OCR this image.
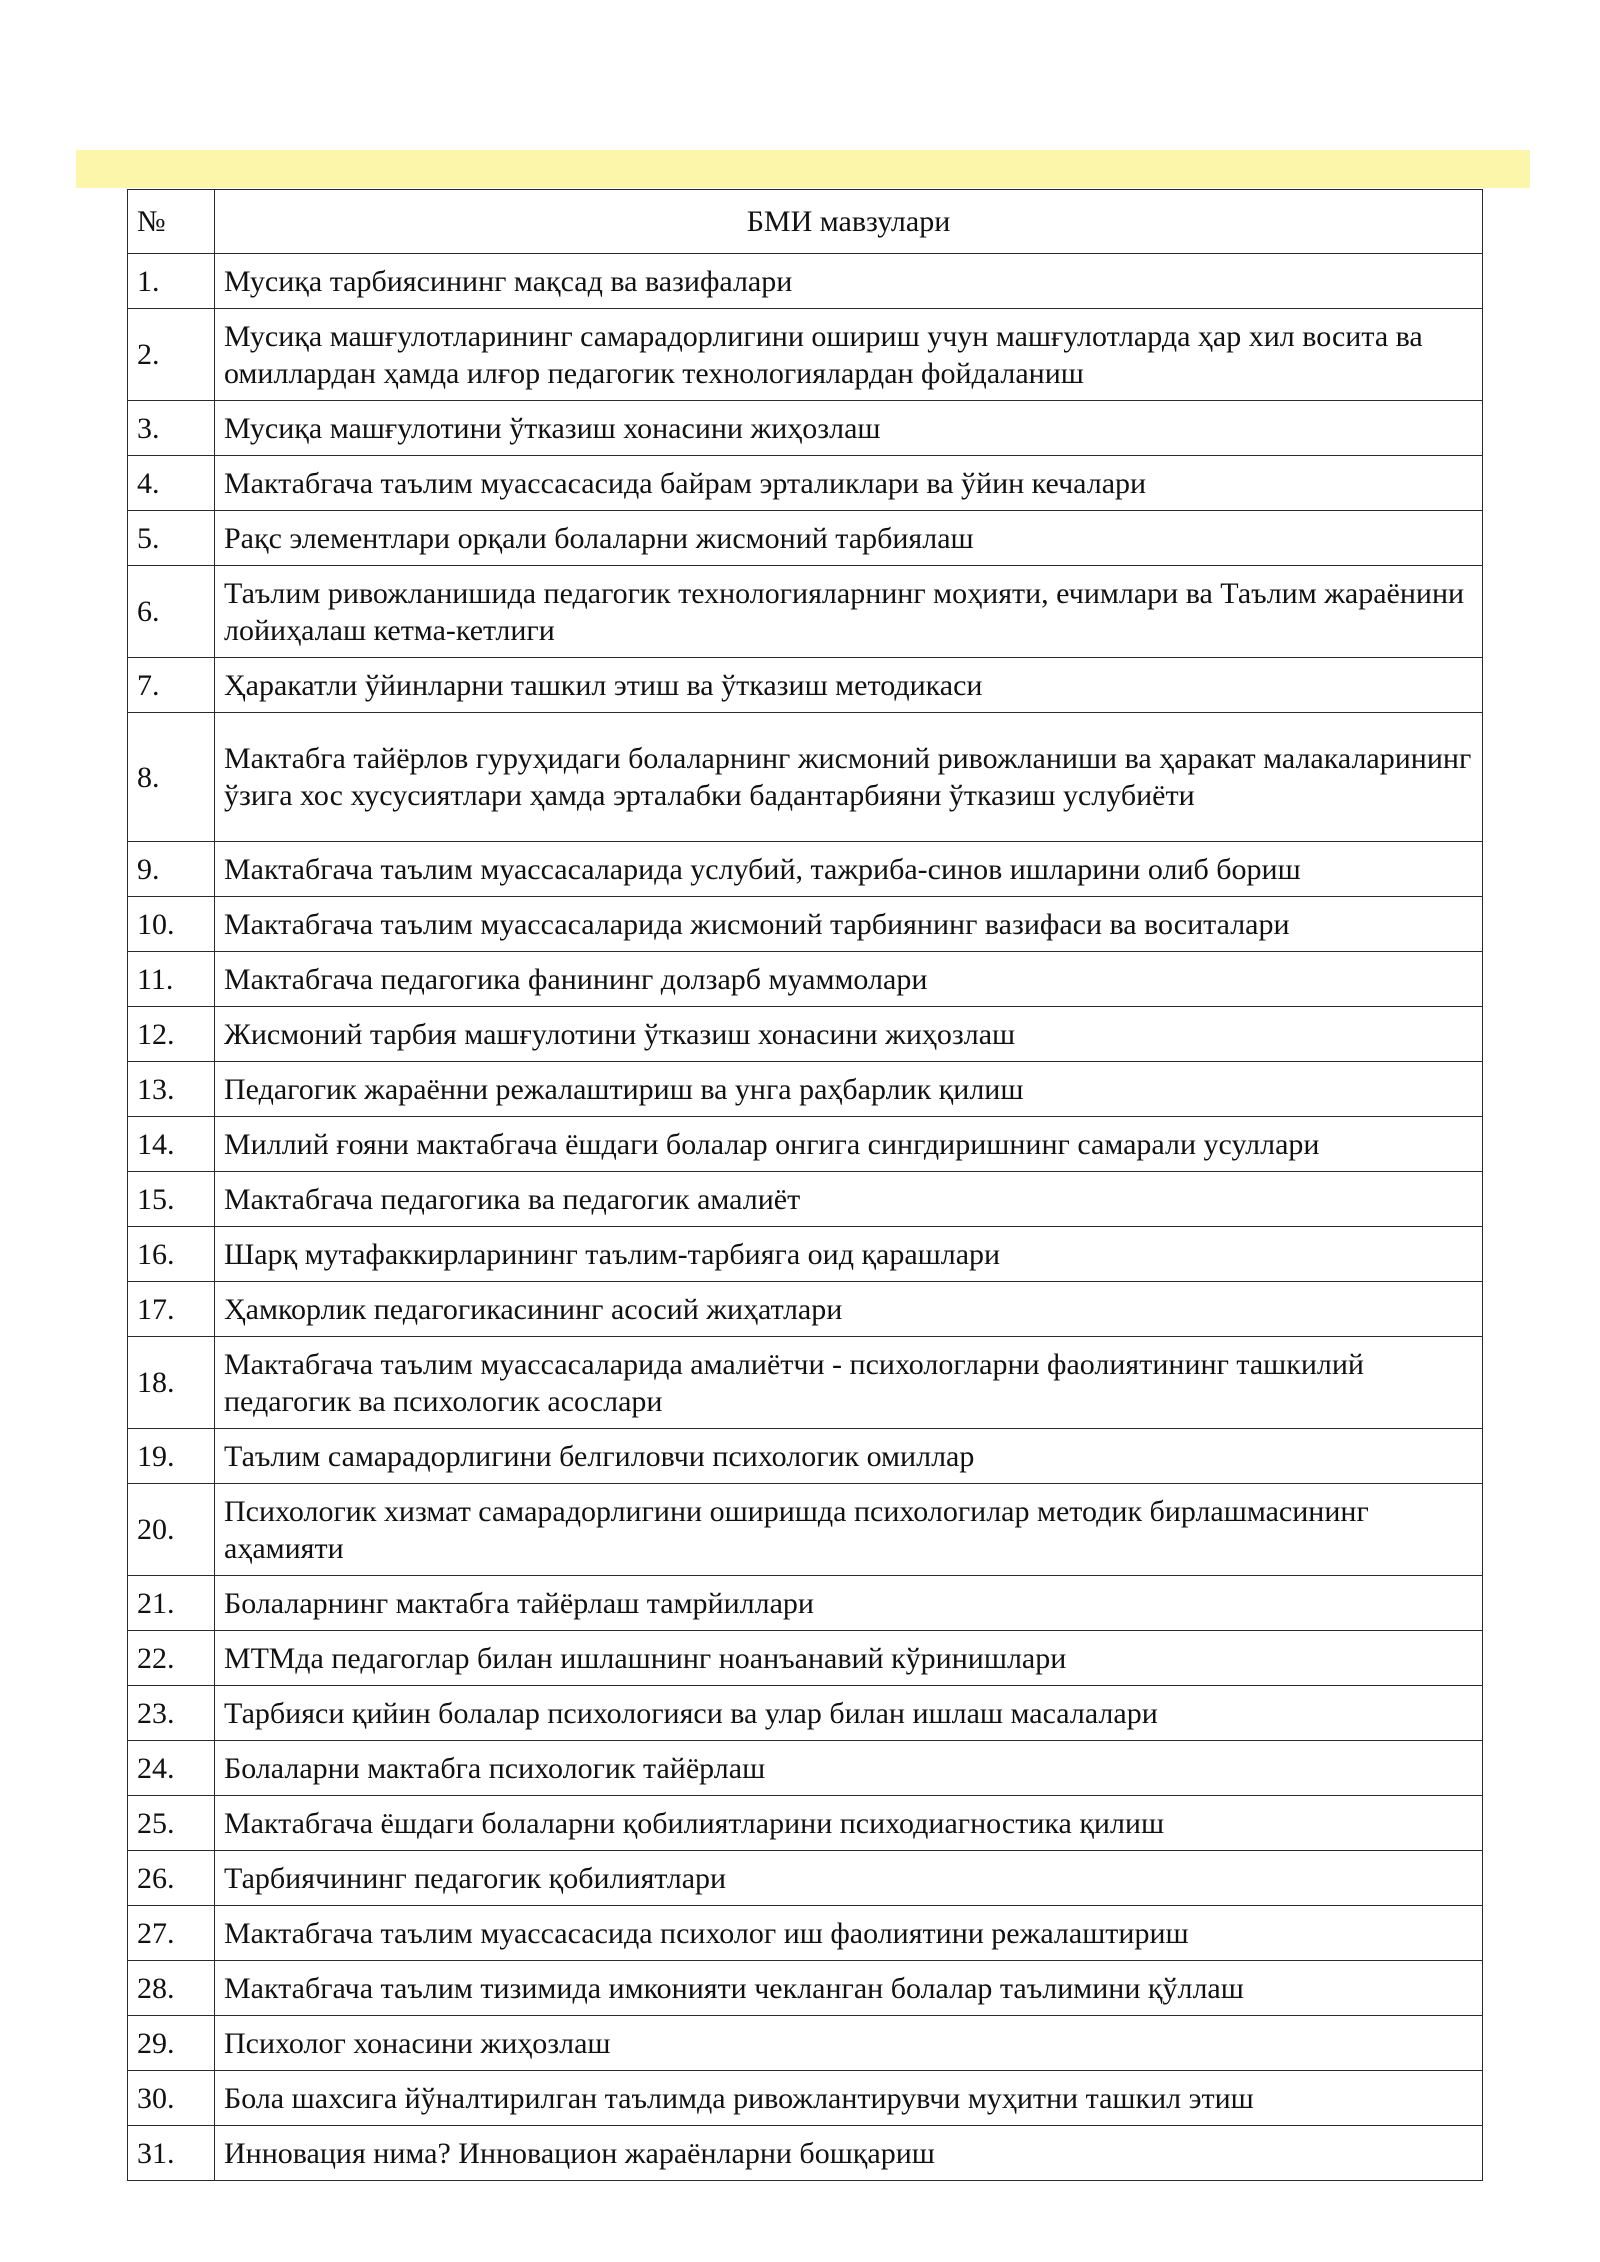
№	БМИ мавзулари
1.	Мусиқа тарбиясининг мақсад ва вазифалари
2.	Мусиқа машғулотларининг самарадорлигини ошириш учун машғулотларда ҳар хил восита ва омиллардан ҳамда илғор педагогик технологиялардан фойдаланиш
3.	Мусиқа машғулотини ўтказиш хонасини жиҳозлаш
4.	Мактабгача таълим муассасасида байрам эрталиклари ва ўйин кечалари
5.	Рақс элементлари орқали болаларни жисмоний тарбиялаш
6.	Таълим ривожланишида педагогик технологияларнинг моҳияти, ечимлари ва Таълим жараёнини лойиҳалаш кетма-кетлиги
7.	Ҳаракатли ўйинларни ташкил этиш ва ўтказиш методикаси
8.	Мактабга тайёрлов гуруҳидаги болаларнинг жисмоний ривожланиши ва ҳаракат малакаларининг ўзига хос хусусиятлари ҳамда эрталабки бадантарбияни ўтказиш услубиёти
9.	Мактабгача таълим муассасаларида услубий, тажриба-синов ишларини олиб бориш
10.	Мактабгача таълим муассасаларида жисмоний тарбиянинг вазифаси ва воситалари
11.	Мактабгача педагогика фанининг долзарб муаммолари
12.	Жисмоний тарбия машғулотини ўтказиш хонасини жиҳозлаш
13.	Педагогик жараённи режалаштириш ва унга раҳбарлик қилиш
14.	Миллий ғояни мактабгача ёшдаги болалар онгига сингдиришнинг самарали усуллари
15.	Мактабгача педагогика ва педагогик амалиёт
16.	Шарқ мутафаккирларининг таълим-тарбияга оид қарашлари
17.	Ҳамкорлик педагогикасининг асосий жиҳатлари
18.	Мактабгача таълим муассасаларида амалиётчи - психологларни фаолиятининг ташкилий педагогик ва психологик асослари
19.	Таълим самарадорлигини белгиловчи психологик омиллар
20.	Психологик хизмат самарадорлигини оширишда психологилар методик бирлашмасининг аҳамияти
21.	Болаларнинг мактабга тайёрлаш тамрйиллари
22.	МТМда педагоглар билан ишлашнинг ноанъанавий кўринишлари
23.	Тарбияси қийин болалар психологияси ва улар билан ишлаш масалалари
24.	Болаларни мактабга психологик тайёрлаш
25.	Мактабгача ёшдаги болаларни қобилиятларини психодиагностика қилиш
26.	Тарбиячининг педагогик қобилиятлари
27.	Мактабгача таълим муассасасида психолог иш фаолиятини режалаштириш
28.	Мактабгача таълим тизимида имконияти чекланган болалар таълимини қўллаш
29.	Психолог хонасини жиҳозлаш
30.	Бола шахсига йўналтирилган таълимда ривожлантирувчи муҳитни ташкил этиш
31.	Инновация нима? Инновацион жараёнларни бошқариш
